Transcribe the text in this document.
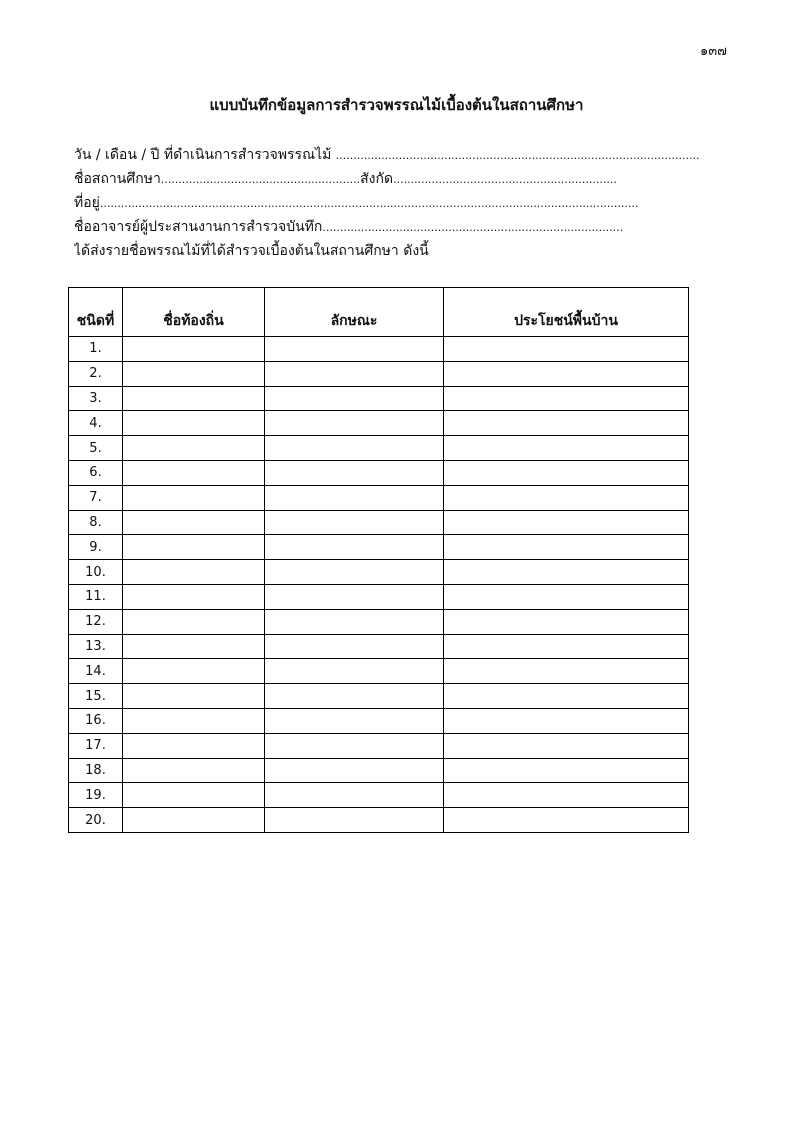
๑๓๗
แบบบันทึกข้อมูลการสำรวจพรรณไม้เบื้องต้นในสถานศึกษา
วัน / เดือน / ปี ที่ดำเนินการสำรวจพรรณไม้ ........................................................................................................
ชื่อสถานศึกษา.........................................................สังกัด................................................................
ที่อยู่..........................................................................................................................................................
ชื่ออาจารย์ผู้ประสานงานการสำรวจบันทึก......................................................................................
ได้ส่งรายชื่อพรรณไม้ที่ได้สำรวจเบื้องต้นในสถานศึกษา ดังนี้
ชนิดที่	ชื่อท้องถิ่น	ลักษณะ	ประโยชน์พื้นบ้าน
1.			
2.			
3.			
4.			
5.			
6.			
7.			
8.			
9.			
10.			
11.			
12.			
13.			
14.			
15.			
16.			
17.			
18.			
19.			
20.			
